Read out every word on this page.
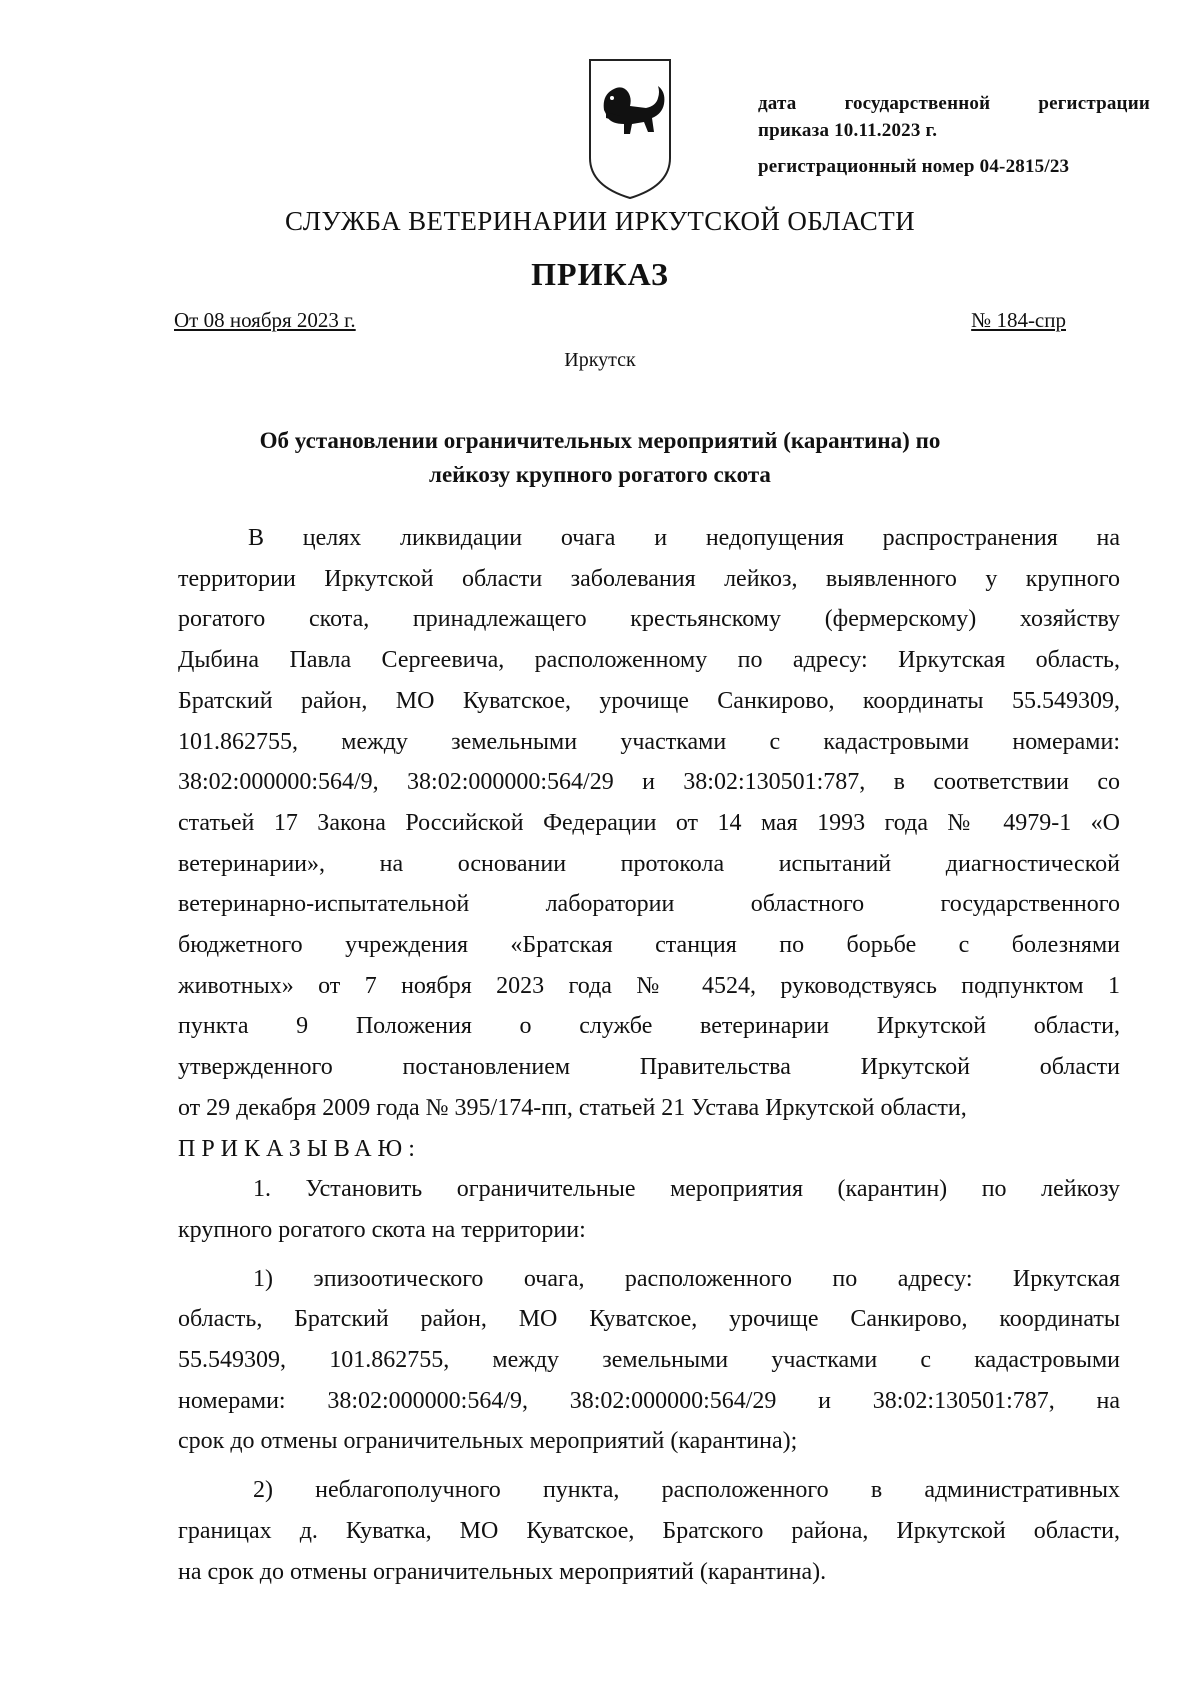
дата государственной регистрации
приказа 10.11.2023 г.
регистрационный номер 04-2815/23
СЛУЖБА ВЕТЕРИНАРИИ ИРКУТСКОЙ ОБЛАСТИ
ПРИКАЗ
От 08 ноября 2023 г.	№ 184-спр
Иркутск
Об установлении ограничительных мероприятий (карантина) по
лейкозу крупного рогатого скота
В целях ликвидации очага и недопущения распространения на
территории Иркутской области заболевания лейкоз, выявленного у крупного
рогатого скота, принадлежащего крестьянскому (фермерскому) хозяйству
Дыбина Павла Сергеевича, расположенному по адресу: Иркутская область,
Братский район, МО Куватское, урочище Санкирово, координаты 55.549309,
101.862755, между земельными участками с кадастровыми номерами:
38:02:000000:564/9, 38:02:000000:564/29 и 38:02:130501:787, в соответствии со
статьей 17 Закона Российской Федерации от 14 мая 1993 года № 4979-1 «О
ветеринарии», на основании протокола испытаний диагностической
ветеринарно-испытательной лаборатории областного государственного
бюджетного учреждения «Братская станция по борьбе с болезнями
животных» от 7 ноября 2023 года № 4524, руководствуясь подпунктом 1
пункта 9 Положения о службе ветеринарии Иркутской области,
утвержденного постановлением Правительства Иркутской области
от 29 декабря 2009 года № 395/174-пп, статьей 21 Устава Иркутской области,
ПРИКАЗЫВАЮ:
1. Установить ограничительные мероприятия (карантин) по лейкозу
крупного рогатого скота на территории:
1) эпизоотического очага, расположенного по адресу: Иркутская
область, Братский район, МО Куватское, урочище Санкирово, координаты
55.549309, 101.862755, между земельными участками с кадастровыми
номерами: 38:02:000000:564/9, 38:02:000000:564/29 и 38:02:130501:787, на
срок до отмены ограничительных мероприятий (карантина);
2) неблагополучного пункта, расположенного в административных
границах д. Куватка, МО Куватское, Братского района, Иркутской области,
на срок до отмены ограничительных мероприятий (карантина).
